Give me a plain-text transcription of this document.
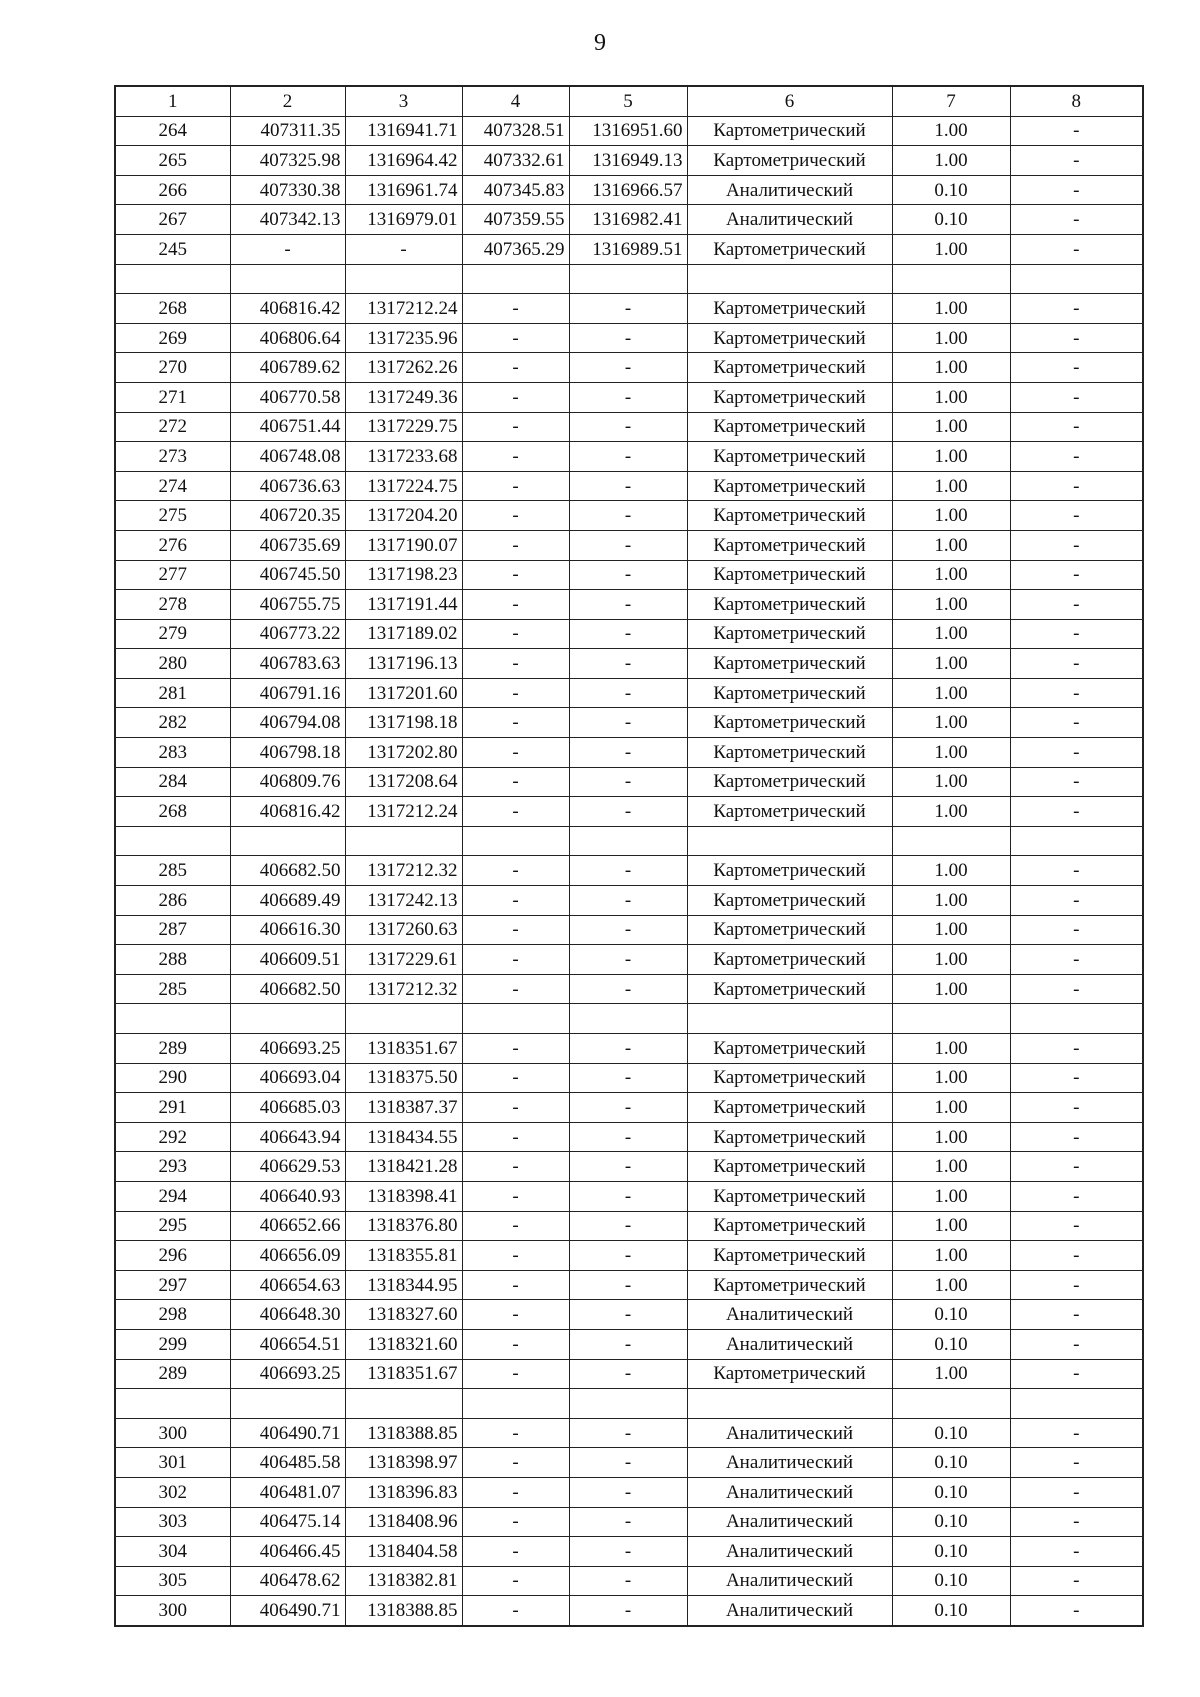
9
1	2	3	4	5	6	7	8
264	407311.35	1316941.71	407328.51	1316951.60	Картометрический	1.00	-
265	407325.98	1316964.42	407332.61	1316949.13	Картометрический	1.00	-
266	407330.38	1316961.74	407345.83	1316966.57	Аналитический	0.10	-
267	407342.13	1316979.01	407359.55	1316982.41	Аналитический	0.10	-
245	-	-	407365.29	1316989.51	Картометрический	1.00	-

268	406816.42	1317212.24	-	-	Картометрический	1.00	-
269	406806.64	1317235.96	-	-	Картометрический	1.00	-
270	406789.62	1317262.26	-	-	Картометрический	1.00	-
271	406770.58	1317249.36	-	-	Картометрический	1.00	-
272	406751.44	1317229.75	-	-	Картометрический	1.00	-
273	406748.08	1317233.68	-	-	Картометрический	1.00	-
274	406736.63	1317224.75	-	-	Картометрический	1.00	-
275	406720.35	1317204.20	-	-	Картометрический	1.00	-
276	406735.69	1317190.07	-	-	Картометрический	1.00	-
277	406745.50	1317198.23	-	-	Картометрический	1.00	-
278	406755.75	1317191.44	-	-	Картометрический	1.00	-
279	406773.22	1317189.02	-	-	Картометрический	1.00	-
280	406783.63	1317196.13	-	-	Картометрический	1.00	-
281	406791.16	1317201.60	-	-	Картометрический	1.00	-
282	406794.08	1317198.18	-	-	Картометрический	1.00	-
283	406798.18	1317202.80	-	-	Картометрический	1.00	-
284	406809.76	1317208.64	-	-	Картометрический	1.00	-
268	406816.42	1317212.24	-	-	Картометрический	1.00	-

285	406682.50	1317212.32	-	-	Картометрический	1.00	-
286	406689.49	1317242.13	-	-	Картометрический	1.00	-
287	406616.30	1317260.63	-	-	Картометрический	1.00	-
288	406609.51	1317229.61	-	-	Картометрический	1.00	-
285	406682.50	1317212.32	-	-	Картометрический	1.00	-

289	406693.25	1318351.67	-	-	Картометрический	1.00	-
290	406693.04	1318375.50	-	-	Картометрический	1.00	-
291	406685.03	1318387.37	-	-	Картометрический	1.00	-
292	406643.94	1318434.55	-	-	Картометрический	1.00	-
293	406629.53	1318421.28	-	-	Картометрический	1.00	-
294	406640.93	1318398.41	-	-	Картометрический	1.00	-
295	406652.66	1318376.80	-	-	Картометрический	1.00	-
296	406656.09	1318355.81	-	-	Картометрический	1.00	-
297	406654.63	1318344.95	-	-	Картометрический	1.00	-
298	406648.30	1318327.60	-	-	Аналитический	0.10	-
299	406654.51	1318321.60	-	-	Аналитический	0.10	-
289	406693.25	1318351.67	-	-	Картометрический	1.00	-

300	406490.71	1318388.85	-	-	Аналитический	0.10	-
301	406485.58	1318398.97	-	-	Аналитический	0.10	-
302	406481.07	1318396.83	-	-	Аналитический	0.10	-
303	406475.14	1318408.96	-	-	Аналитический	0.10	-
304	406466.45	1318404.58	-	-	Аналитический	0.10	-
305	406478.62	1318382.81	-	-	Аналитический	0.10	-
300	406490.71	1318388.85	-	-	Аналитический	0.10	-
